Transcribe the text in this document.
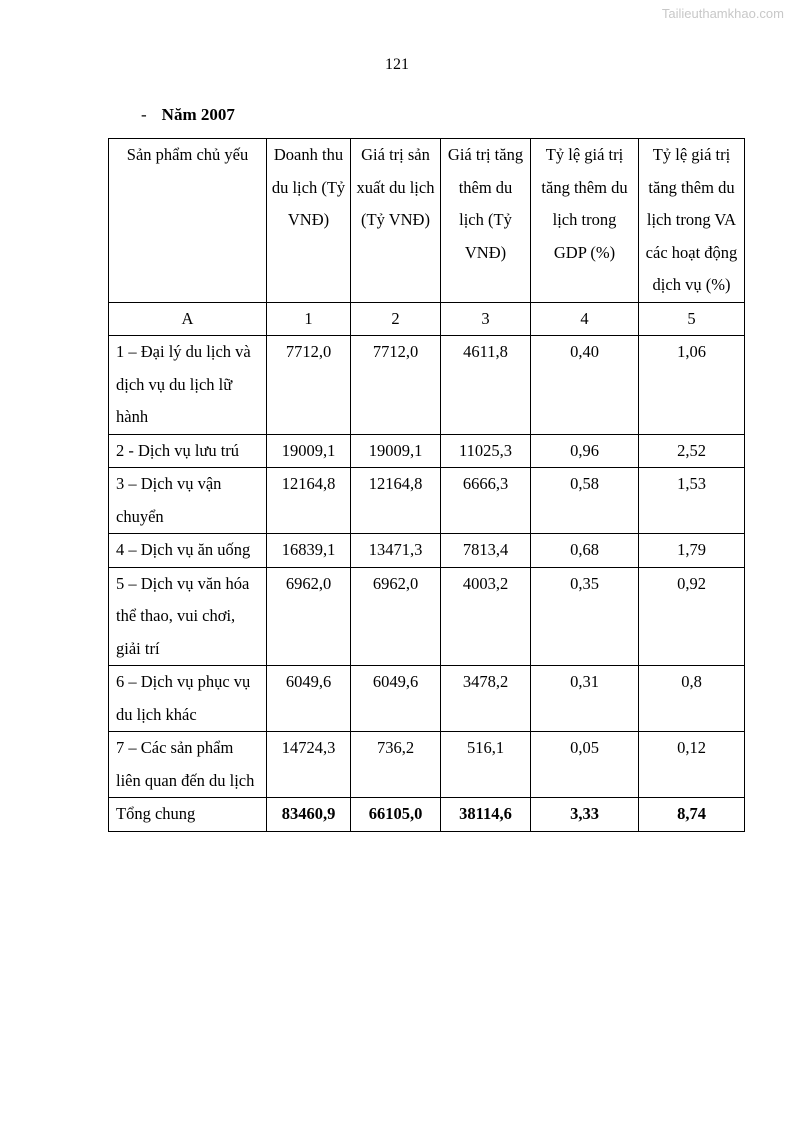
Tailieuthamkhao.com
121
- Năm 2007
Sản phẩm chủ yếu	Doanh thu du lịch (Tỷ VNĐ)	Giá trị sản xuất du lịch (Tỷ VNĐ)	Giá trị tăng thêm du lịch (Tỷ VNĐ)	Tỷ lệ giá trị tăng thêm du lịch trong GDP (%)	Tỷ lệ giá trị tăng thêm du lịch trong VA các hoạt động dịch vụ (%)
A	1	2	3	4	5
1 – Đại lý du lịch và dịch vụ du lịch lữ hành	7712,0	7712,0	4611,8	0,40	1,06
2 - Dịch vụ lưu trú	19009,1	19009,1	11025,3	0,96	2,52
3 – Dịch vụ vận chuyển	12164,8	12164,8	6666,3	0,58	1,53
4 – Dịch vụ ăn uống	16839,1	13471,3	7813,4	0,68	1,79
5 – Dịch vụ văn hóa thể thao, vui chơi, giải trí	6962,0	6962,0	4003,2	0,35	0,92
6 – Dịch vụ phục vụ du lịch khác	6049,6	6049,6	3478,2	0,31	0,8
7 – Các sản phẩm liên quan đến du lịch	14724,3	736,2	516,1	0,05	0,12
Tổng chung	83460,9	66105,0	38114,6	3,33	8,74
